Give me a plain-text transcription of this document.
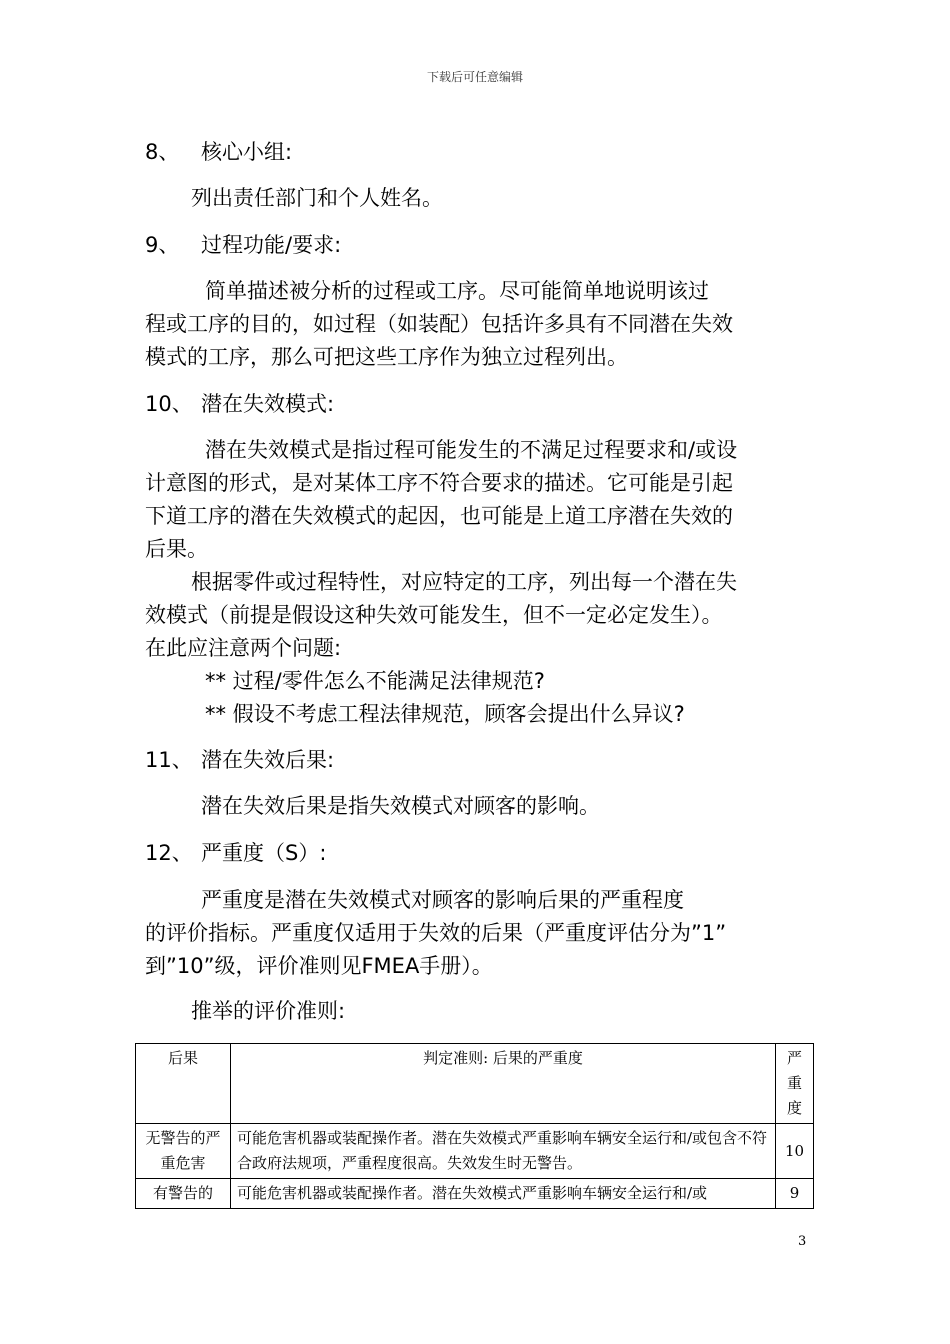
下载后可任意编辑
8、 核心小组:
列出责任部门和个人姓名。
9、 过程功能/要求:
简单描述被分析的过程或工序。尽可能简单地说明该过
程或工序的目的，如过程（如装配）包括许多具有不同潜在失效
模式的工序，那么可把这些工序作为独立过程列出。
10、 潜在失效模式:
潜在失效模式是指过程可能发生的不满足过程要求和/或设
计意图的形式，是对某体工序不符合要求的描述。它可能是引起
下道工序的潜在失效模式的起因，也可能是上道工序潜在失效的
后果。
根据零件或过程特性，对应特定的工序，列出每一个潜在失
效模式（前提是假设这种失效可能发生，但不一定必定发生）。
在此应注意两个问题:
** 过程/零件怎么不能满足法律规范?
** 假设不考虑工程法律规范，顾客会提出什么异议?
11、 潜在失效后果:
潜在失效后果是指失效模式对顾客的影响。
12、 严重度（S）:
严重度是潜在失效模式对顾客的影响后果的严重程度
的评价指标。严重度仅适用于失效的后果（严重度评估分为”1”
到”10”级，评价准则见FMEA手册）。
推举的评价准则:
后果	判定准则: 后果的严重度	严重度
无警告的严重危害	可能危害机器或装配操作者。潜在失效模式严重影响车辆安全运行和/或包含不符合政府法规项，严重程度很高。失效发生时无警告。	10
有警告的	可能危害机器或装配操作者。潜在失效模式严重影响车辆安全运行和/或	9
3
